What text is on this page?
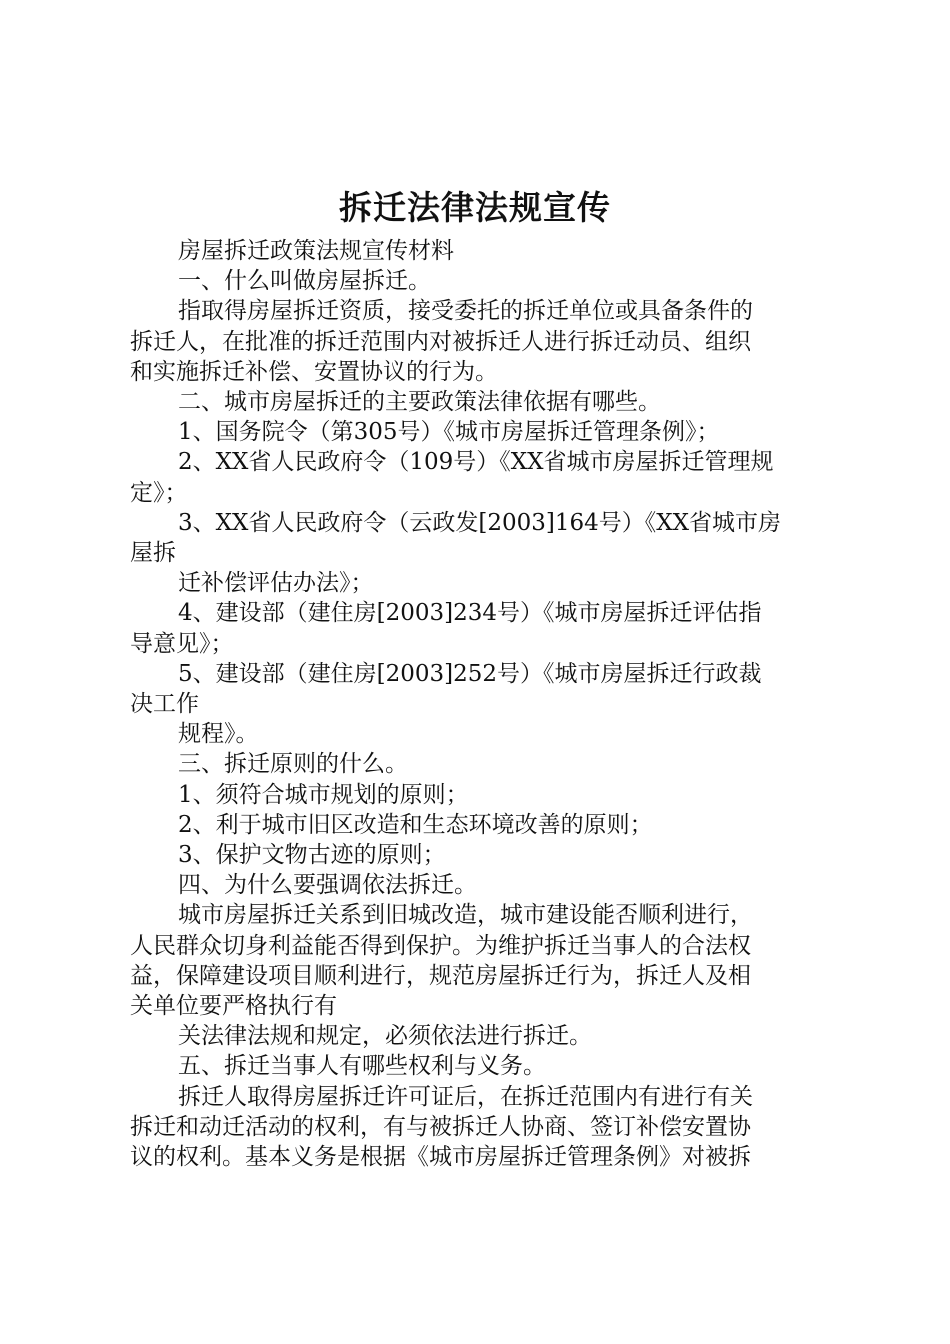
拆迁法律法规宣传

房屋拆迁政策法规宣传材料

一、什么叫做房屋拆迁。

指取得房屋拆迁资质，接受委托的拆迁单位或具备条件的

拆迁人，在批准的拆迁范围内对被拆迁人进行拆迁动员、组织

和实施拆迁补偿、安置协议的行为。

二、城市房屋拆迁的主要政策法律依据有哪些。

1、国务院令（第305号）《城市房屋拆迁管理条例》；

2、XX省人民政府令（109号）《XX省城市房屋拆迁管理规

定》；

3、XX省人民政府令（云政发[2003]164号）《XX省城市房

屋拆

迁补偿评估办法》；

4、建设部（建住房[2003]234号）《城市房屋拆迁评估指

导意见》；

5、建设部（建住房[2003]252号）《城市房屋拆迁行政裁

决工作

规程》。

三、拆迁原则的什么。

1、须符合城市规划的原则；

2、利于城市旧区改造和生态环境改善的原则；

3、保护文物古迹的原则；

四、为什么要强调依法拆迁。

城市房屋拆迁关系到旧城改造，城市建设能否顺利进行，

人民群众切身利益能否得到保护。为维护拆迁当事人的合法权

益，保障建设项目顺利进行，规范房屋拆迁行为，拆迁人及相

关单位要严格执行有

关法律法规和规定，必须依法进行拆迁。

五、拆迁当事人有哪些权利与义务。

拆迁人取得房屋拆迁许可证后，在拆迁范围内有进行有关

拆迁和动迁活动的权利，有与被拆迁人协商、签订补偿安置协

议的权利。基本义务是根据《城市房屋拆迁管理条例》对被拆
